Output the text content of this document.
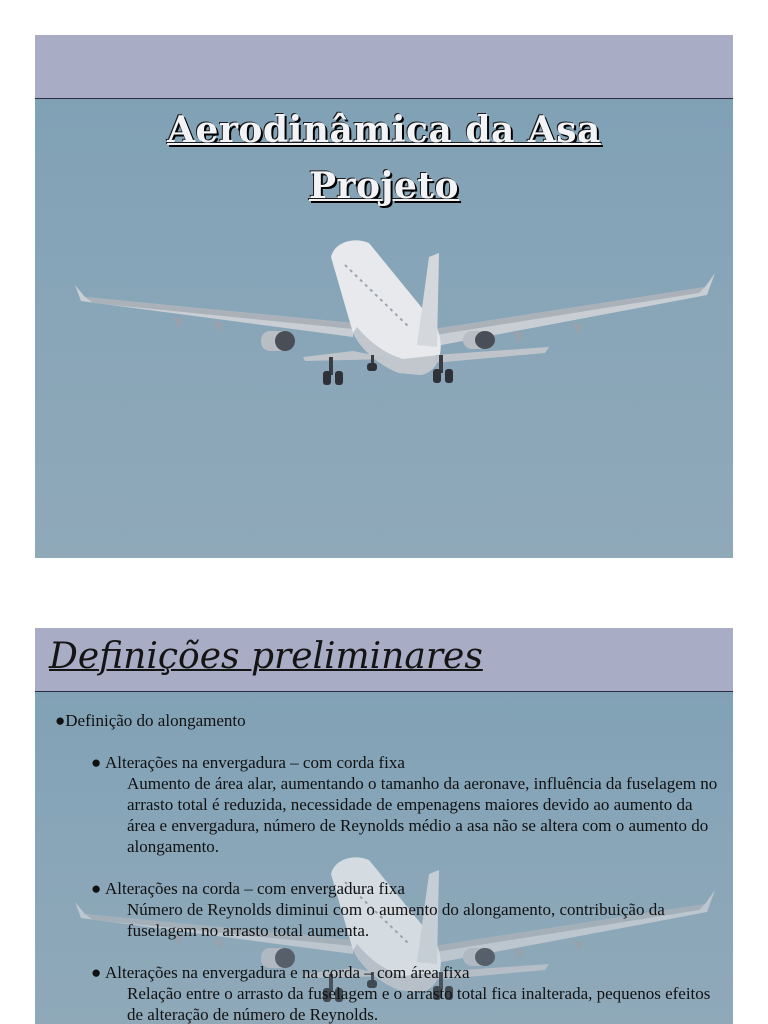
Aerodinâmica da Asa
Projeto
Definições preliminares

●Definição do alongamento

● Alterações na envergadura – com corda fixa
Aumento de área alar, aumentando o tamanho da aeronave, influência da fuselagem no arrasto total é reduzida, necessidade de empenagens maiores devido ao aumento da área e envergadura, número de Reynolds médio a asa não se altera com o aumento do alongamento.
● Alterações na corda – com envergadura fixa
Número de Reynolds diminui com o aumento do alongamento, contribuição da fuselagem no arrasto total aumenta.
● Alterações na envergadura e na corda – com área fixa
Relação entre o arrasto da fuselagem e o arrasto total fica inalterada, pequenos efeitos de alteração de número de Reynolds.
